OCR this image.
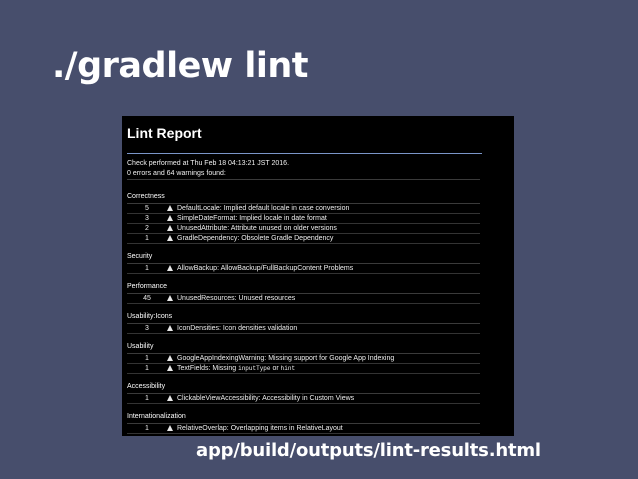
./gradlew lint
Lint Report

Check performed at Thu Feb 18 04:13:21 JST 2016.

0 errors and 64 warnings found:

Correctness
5	DefaultLocale: Implied default locale in case conversion
3	SimpleDateFormat: Implied locale in date format
2	UnusedAttribute: Attribute unused on older versions
1	GradleDependency: Obsolete Gradle Dependency
Security
1	AllowBackup: AllowBackup/FullBackupContent Problems
Performance
45	UnusedResources: Unused resources
Usability:Icons
3	IconDensities: Icon densities validation
Usability
1	GoogleAppIndexingWarning: Missing support for Google App Indexing
1	TextFields: Missing inputType or hint
Accessibility
1	ClickableViewAccessibility: Accessibility in Custom Views
Internationalization
1	RelativeOverlap: Overlapping items in RelativeLayout
app/build/outputs/lint-results.html
